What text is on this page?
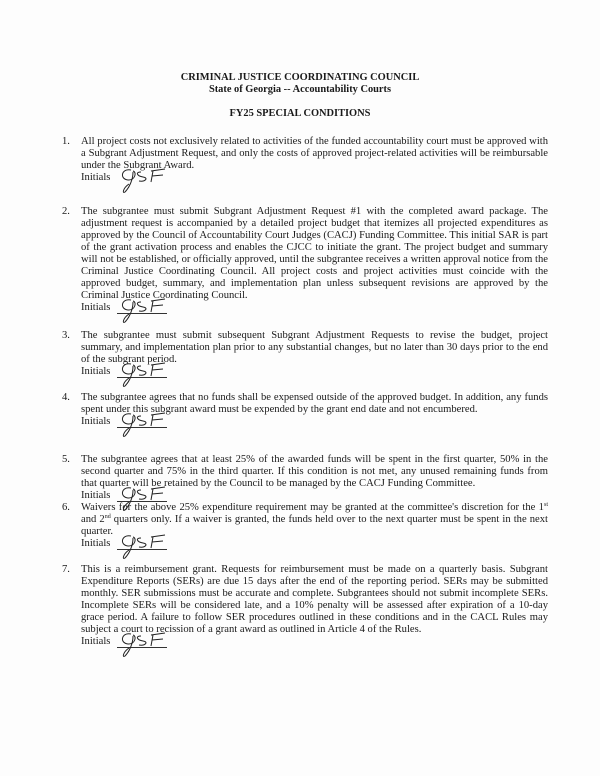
CRIMINAL JUSTICE COORDINATING COUNCIL
State of Georgia -- Accountability Courts
FY25 SPECIAL CONDITIONS
1. All project costs not exclusively related to activities of the funded accountability court must be approved with a Subgrant Adjustment Request, and only the costs of approved project-related activities will be reimbursable under the Subgrant Award.
Initials
2. The subgrantee must submit Subgrant Adjustment Request #1 with the completed award package. The adjustment request is accompanied by a detailed project budget that itemizes all projected expenditures as approved by the Council of Accountability Court Judges (CACJ) Funding Committee. This initial SAR is part of the grant activation process and enables the CJCC to initiate the grant. The project budget and summary will not be established, or officially approved, until the subgrantee receives a written approval notice from the Criminal Justice Coordinating Council. All project costs and project activities must coincide with the approved budget, summary, and implementation plan unless subsequent revisions are approved by the Criminal Justice Coordinating Council.
Initials
3. The subgrantee must submit subsequent Subgrant Adjustment Requests to revise the budget, project summary, and implementation plan prior to any substantial changes, but no later than 30 days prior to the end of the subgrant period.
Initials
4. The subgrantee agrees that no funds shall be expensed outside of the approved budget. In addition, any funds spent under this subgrant award must be expended by the grant end date and not encumbered.
Initials
5. The subgrantee agrees that at least 25% of the awarded funds will be spent in the first quarter, 50% in the second quarter and 75% in the third quarter. If this condition is not met, any unused remaining funds from that quarter will be retained by the Council to be managed by the CACJ Funding Committee.
Initials
6. Waivers for the above 25% expenditure requirement may be granted at the committee's discretion for the 1st and 2nd quarters only. If a waiver is granted, the funds held over to the next quarter must be spent in the next quarter.
Initials
7. This is a reimbursement grant. Requests for reimbursement must be made on a quarterly basis. Subgrant Expenditure Reports (SERs) are due 15 days after the end of the reporting period. SERs may be submitted monthly. SER submissions must be accurate and complete. Subgrantees should not submit incomplete SERs. Incomplete SERs will be considered late, and a 10% penalty will be assessed after expiration of a 10-day grace period. A failure to follow SER procedures outlined in these conditions and in the CACL Rules may subject a court to recission of a grant award as outlined in Article 4 of the Rules.
Initials
